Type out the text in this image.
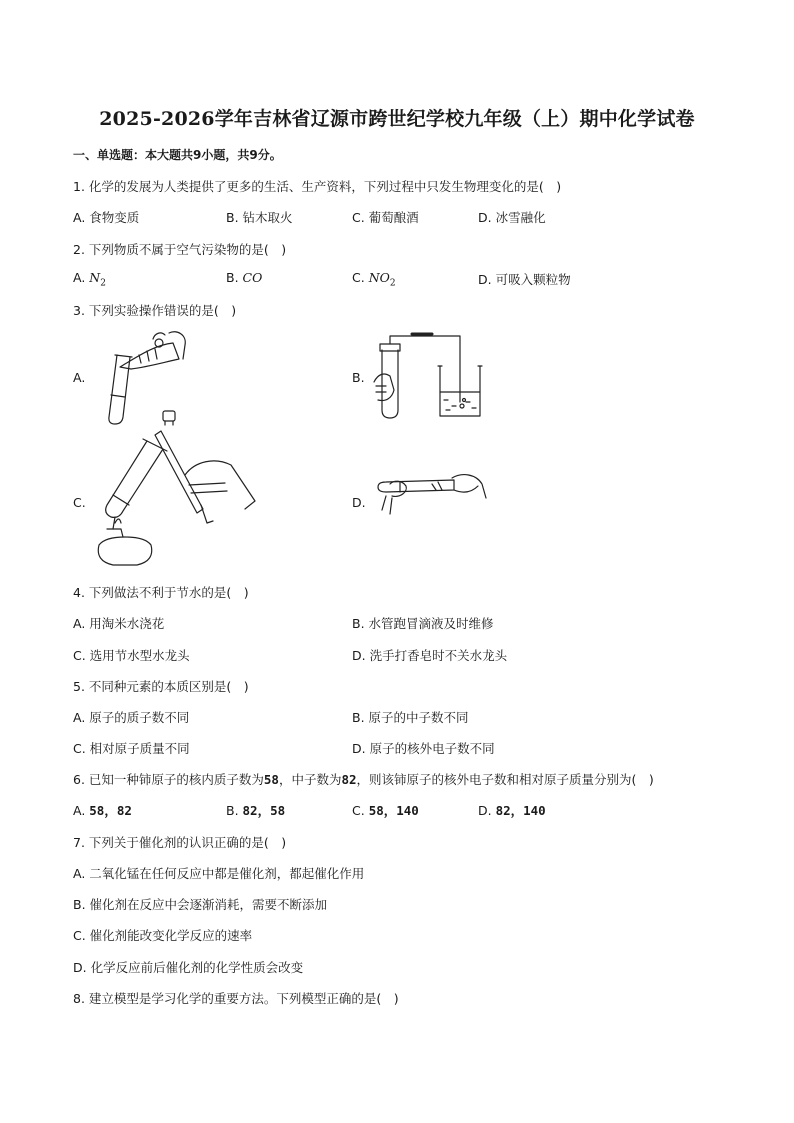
2025-2026学年吉林省辽源市跨世纪学校九年级（上）期中化学试卷
一、单选题：本大题共9小题，共9分。
1. 化学的发展为人类提供了更多的生活、生产资料，下列过程中只发生物理变化的是(　)
A. 食物变质	B. 钻木取火	C. 葡萄酿酒	D. 冰雪融化
2. 下列物质不属于空气污染物的是(　)
A. $N_2$	B. CO	C. $NO_2$	D. 可吸入颗粒物
3. 下列实验操作错误的是(　)
A.	B.
C.	D.
4. 下列做法不利于节水的是(　)
A. 用淘米水浇花	B. 水管跑冒滴液及时维修
C. 选用节水型水龙头	D. 洗手打香皂时不关水龙头
5. 不同种元素的本质区别是(　)
A. 原子的质子数不同	B. 原子的中子数不同
C. 相对原子质量不同	D. 原子的核外电子数不同
6. 已知一种铈原子的核内质子数为58，中子数为82，则该铈原子的核外电子数和相对原子质量分别为(　)
A. 58，82	B. 82，58	C. 58，140	D. 82，140
7. 下列关于催化剂的认识正确的是(　)
A. 二氧化锰在任何反应中都是催化剂，都起催化作用
B. 催化剂在反应中会逐渐消耗，需要不断添加
C. 催化剂能改变化学反应的速率
D. 化学反应前后催化剂的化学性质会改变
8. 建立模型是学习化学的重要方法。下列模型正确的是(　)
